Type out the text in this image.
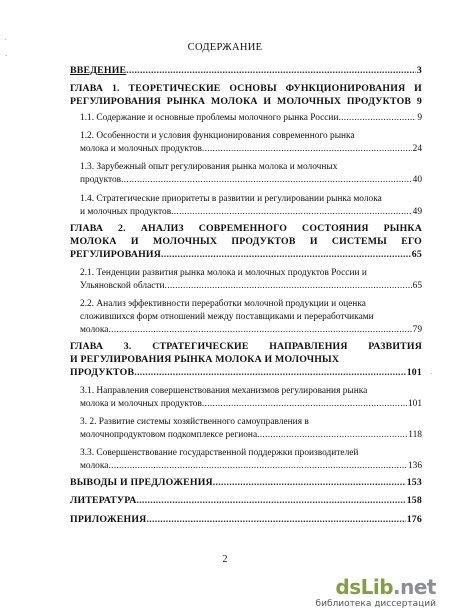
СОДЕРЖАНИЕ
ВВЕДЕНИЕ .....	3
ГЛАВА 1. ТЕОРЕТИЧЕСКИЕ ОСНОВЫ ФУНКЦИОНИРОВАНИЯ И
РЕГУЛИРОВАНИЯ РЫНКА МОЛОКА И МОЛОЧНЫХ ПРОДУКТОВ 9
1.1. Содержание и основные проблемы молочного рынка России .....	9
1.2. Особенности и условия функционирования современного рынка
молока и молочных продуктов .....	24
1.3. Зарубежный опыт регулирования рынка молока и молочных
продуктов .....	40
1.4. Стратегические приоритеты в развитии и регулировании рынка молока
и молочных продуктов .....	49
ГЛАВА 2. АНАЛИЗ СОВРЕМЕННОГО СОСТОЯНИЯ РЫНКА
МОЛОКА И МОЛОЧНЫХ ПРОДУКТОВ И СИСТЕМЫ ЕГО
РЕГУЛИРОВАНИЯ .....	65
2.1. Тенденции развития рынка молока и молочных продуктов России и
Ульяновской области .....	65
2.2. Анализ эффективности переработки молочной продукции и оценка
сложившихся форм отношений между поставщиками и переработчиками
молока .....	79
ГЛАВА 3. СТРАТЕГИЧЕСКИЕ НАПРАВЛЕНИЯ РАЗВИТИЯ
И РЕГУЛИРОВАНИЯ РЫНКА МОЛОКА И МОЛОЧНЫХ
ПРОДУКТОВ .....	101
3.1. Направления совершенствования механизмов регулирования рынка
молока и молочных продуктов .....	101
3. 2. Развитие системы хозяйственного самоуправления в
молочнопродуктовом подкомплексе региона .....	118
3.3. Совершенствование государственной поддержки производителей
молока .....	136
ВЫВОДЫ И ПРЕДЛОЖЕНИЯ .....	153
ЛИТЕРАТУРА .....	158
ПРИЛОЖЕНИЯ .....	176
2
·
·
·
dsLib.net
библиотека диссертаций
